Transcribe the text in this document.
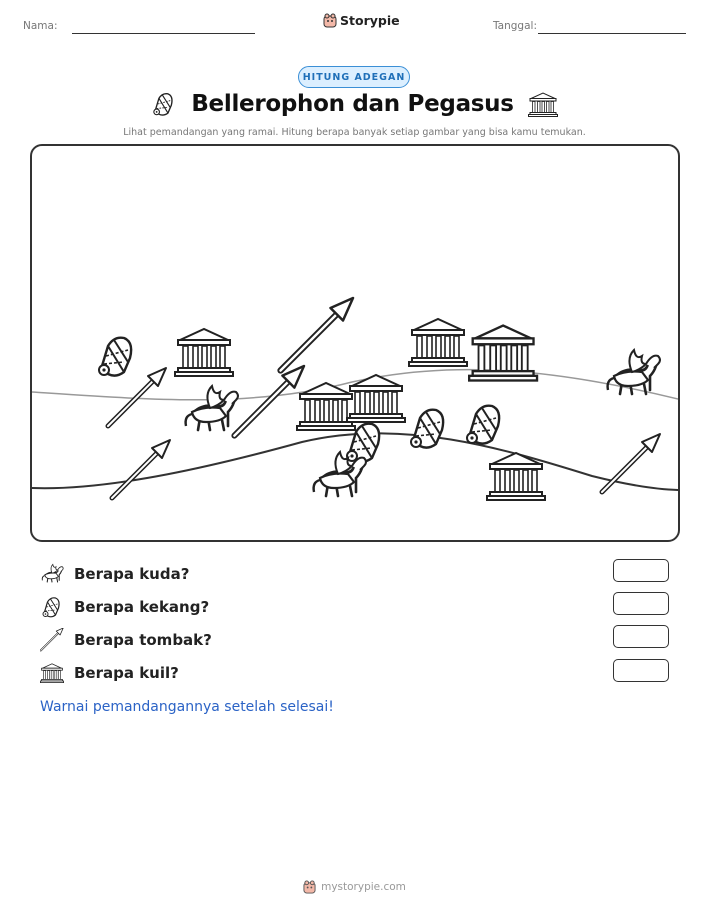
Nama:	Storypie	Tanggal:
HITUNG ADEGAN
Bellerophon dan Pegasus
Lihat pemandangan yang ramai. Hitung berapa banyak setiap gambar yang bisa kamu temukan.
Berapa kuda?
Berapa kekang?
Berapa tombak?
Berapa kuil?
Warnai pemandangannya setelah selesai!
mystorypie.com
